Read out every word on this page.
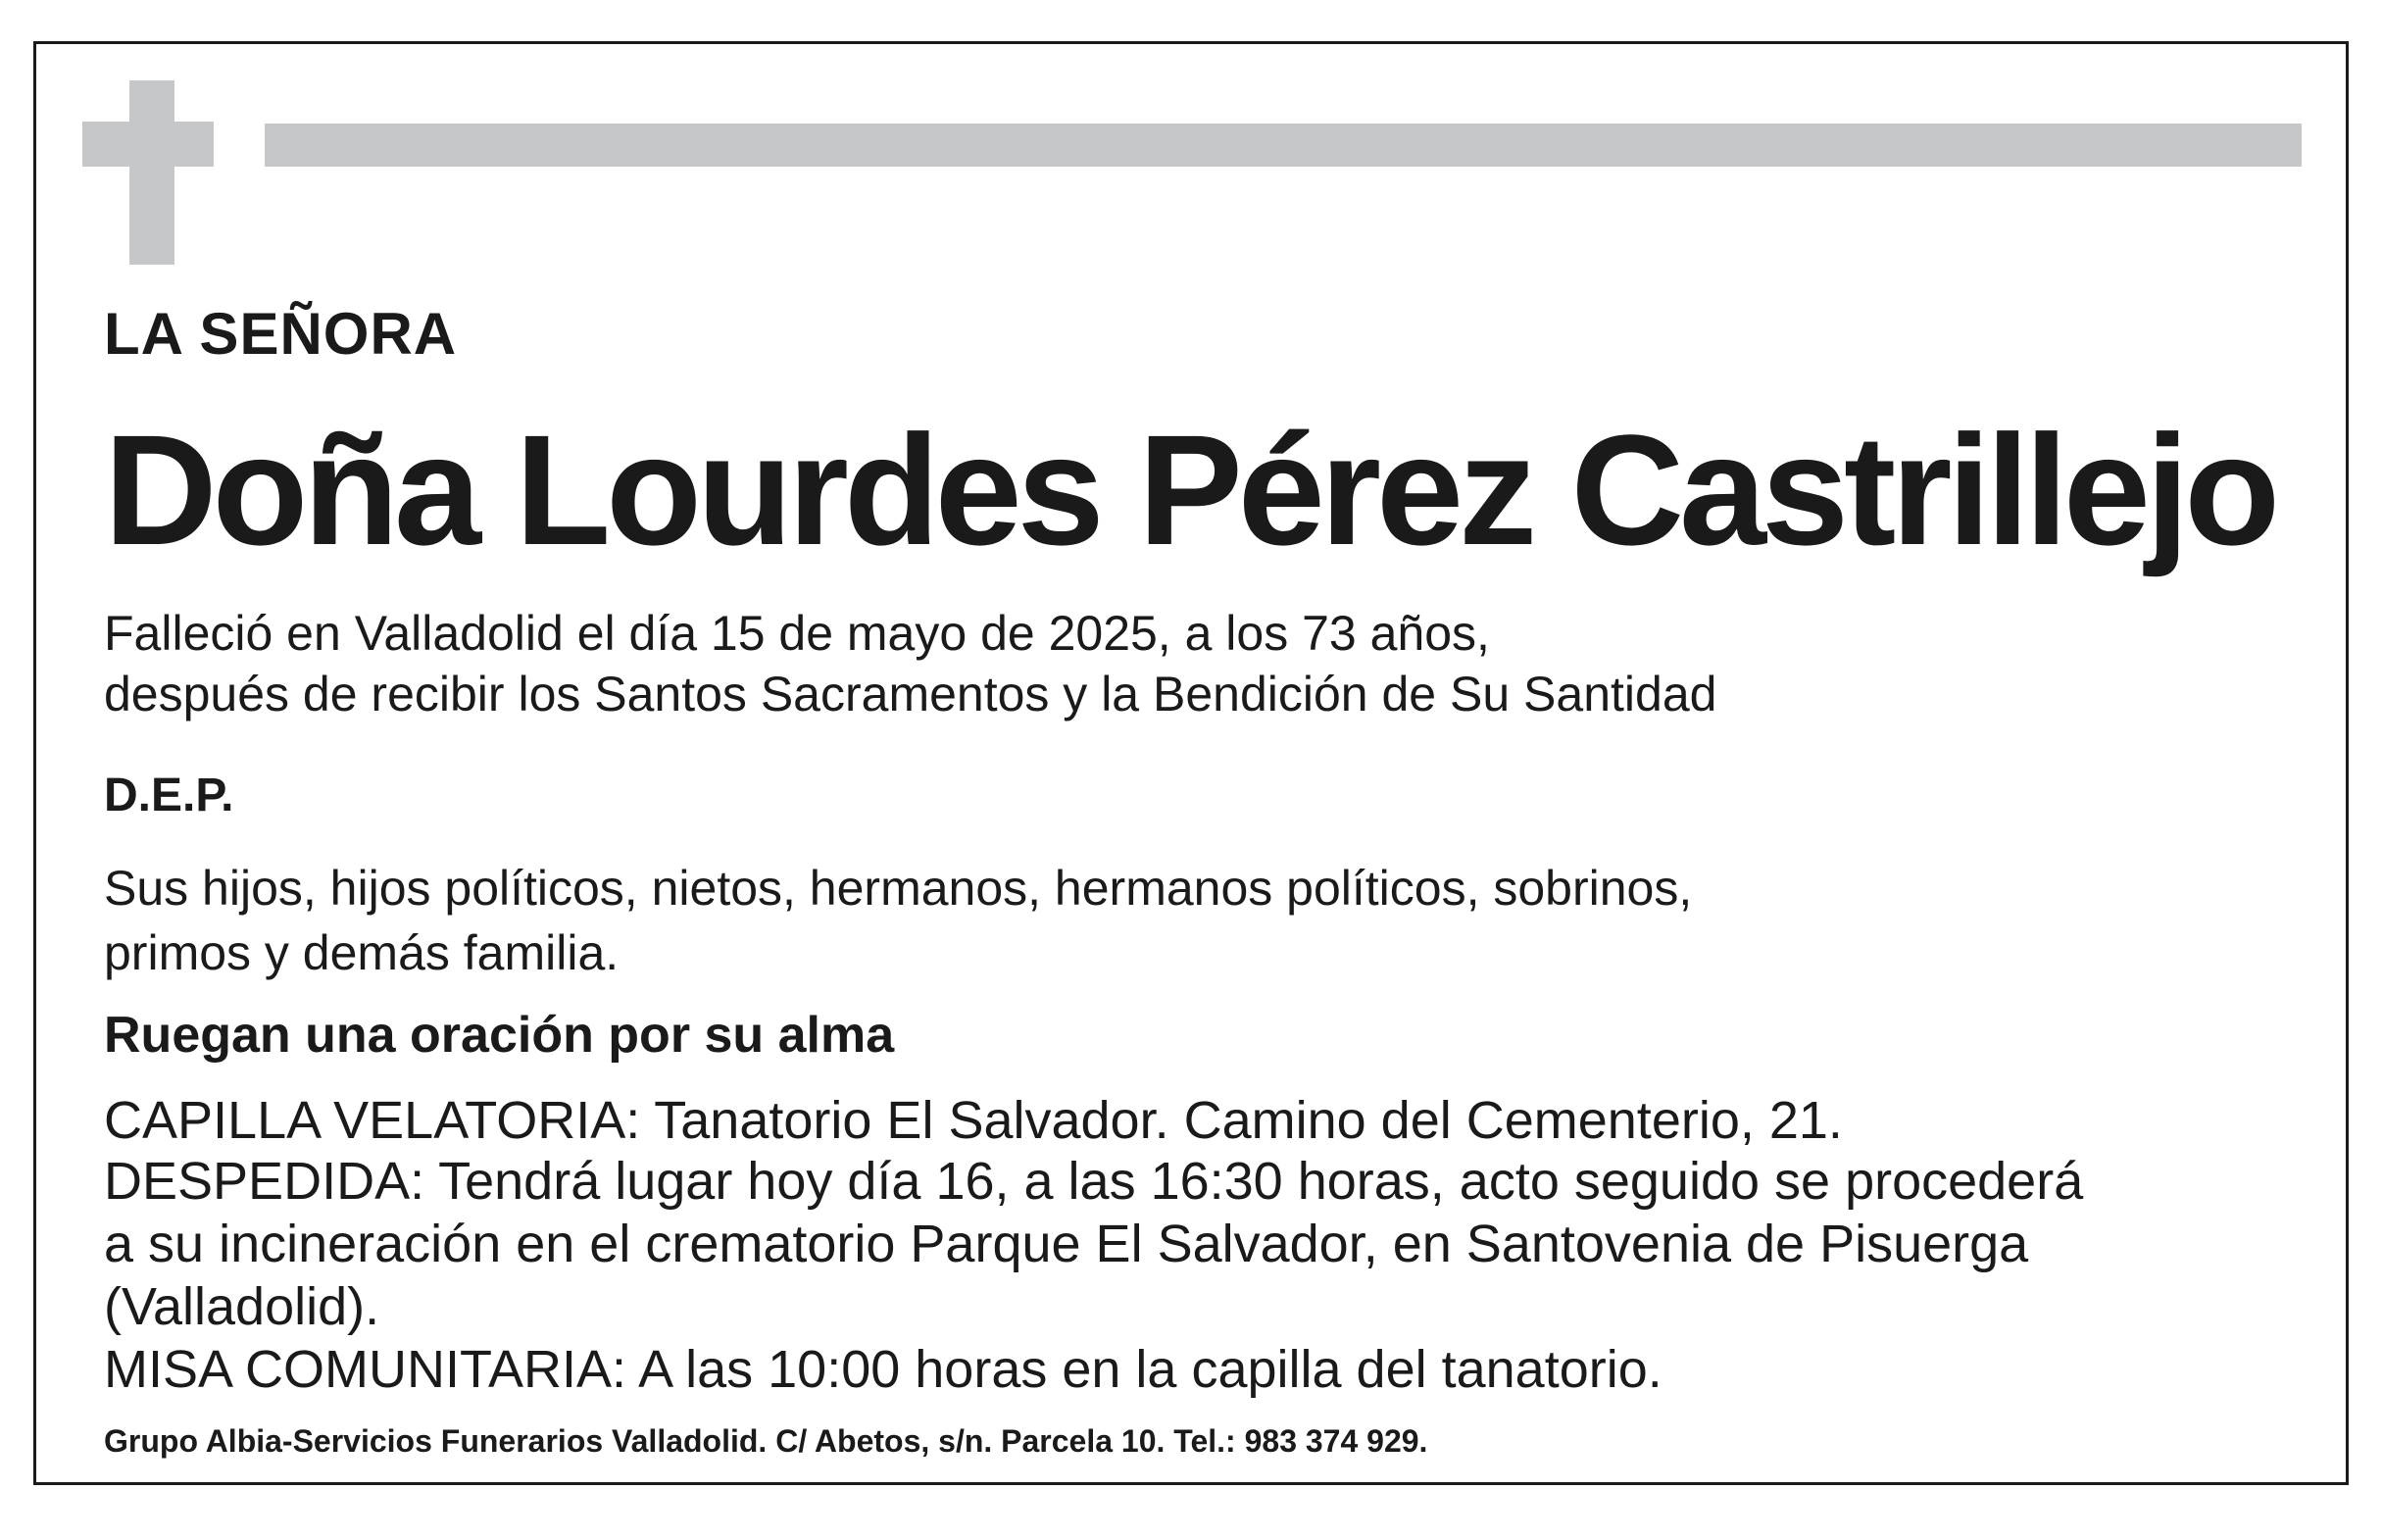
LA SEÑORA

Doña Lourdes Pérez Castrillejo

Falleció en Valladolid el día 15 de mayo de 2025, a los 73 años,

después de recibir los Santos Sacramentos y la Bendición de Su Santidad

D.E.P.

Sus hijos, hijos políticos, nietos, hermanos, hermanos políticos, sobrinos,

primos y demás familia.

Ruegan una oración por su alma

CAPILLA VELATORIA: Tanatorio El Salvador. Camino del Cementerio, 21.

DESPEDIDA: Tendrá lugar hoy día 16, a las 16:30 horas, acto seguido se procederá

a su incineración en el crematorio Parque El Salvador, en Santovenia de Pisuerga

(Valladolid).

MISA COMUNITARIA: A las 10:00 horas en la capilla del tanatorio.

Grupo Albia-Servicios Funerarios Valladolid. C/ Abetos, s/n. Parcela 10. Tel.: 983 374 929.
